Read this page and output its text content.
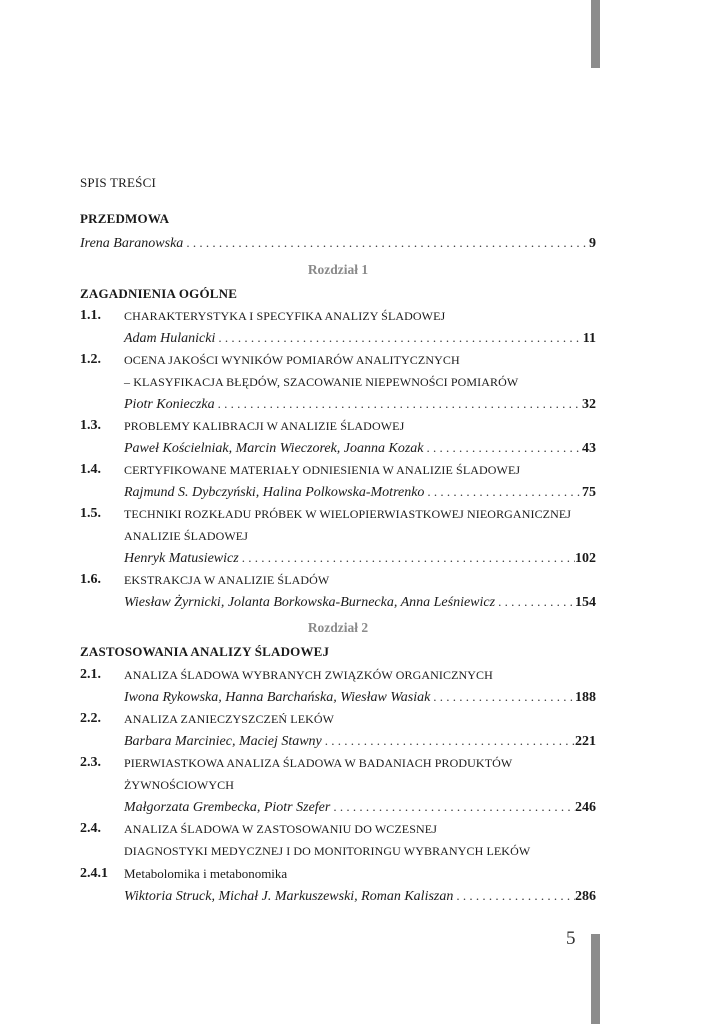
5
SPIS TREŚCI
PRZEDMOWA
Irena Baranowska . . .	9
Rozdział 1
ZAGADNIENIA OGÓLNE
1.1. CHARAKTERYSTYKA I SPECYFIKA ANALIZY ŚLADOWEJ
Adam Hulanicki . . .	11
1.2. OCENA JAKOŚCI WYNIKÓW POMIARÓW ANALITYCZNYCH
– KLASYFIKACJA BŁĘDÓW, SZACOWANIE NIEPEWNOŚCI POMIARÓW
Piotr Konieczka . . .	32
1.3. PROBLEMY KALIBRACJI W ANALIZIE ŚLADOWEJ
Paweł Kościelniak, Marcin Wieczorek, Joanna Kozak . . .	43
1.4. CERTYFIKOWANE MATERIAŁY ODNIESIENIA W ANALIZIE ŚLADOWEJ
Rajmund S. Dybczyński, Halina Polkowska-Motrenko . . .	75
1.5. TECHNIKI ROZKŁADU PRÓBEK W WIELOPIERWIASTKOWEJ NIEORGANICZNEJ
ANALIZIE ŚLADOWEJ
Henryk Matusiewicz . . .	102
1.6. EKSTRAKCJA W ANALIZIE ŚLADÓW
Wiesław Żyrnicki, Jolanta Borkowska-Burnecka, Anna Leśniewicz . . .	154
Rozdział 2
ZASTOSOWANIA ANALIZY ŚLADOWEJ
2.1. ANALIZA ŚLADOWA WYBRANYCH ZWIĄZKÓW ORGANICZNYCH
Iwona Rykowska, Hanna Barchańska, Wiesław Wasiak . . .	188
2.2. ANALIZA ZANIECZYSZCZEŃ LEKÓW
Barbara Marciniec, Maciej Stawny . . .	221
2.3. PIERWIASTKOWA ANALIZA ŚLADOWA W BADANIACH PRODUKTÓW
ŻYWNOŚCIOWYCH
Małgorzata Grembecka, Piotr Szefer . . .	246
2.4. ANALIZA ŚLADOWA W ZASTOSOWANIU DO WCZESNEJ
DIAGNOSTYKI MEDYCZNEJ I DO MONITORINGU WYBRANYCH LEKÓW
2.4.1 Metabolomika i metabonomika
Wiktoria Struck, Michał J. Markuszewski, Roman Kaliszan . . .	286
